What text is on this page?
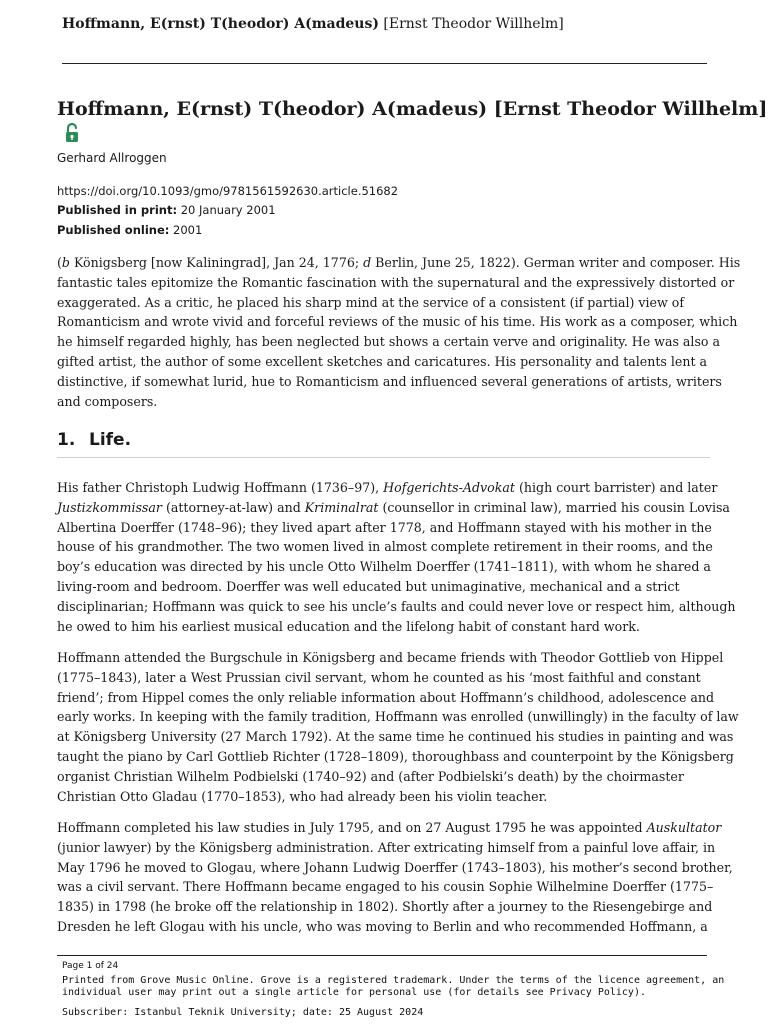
Hoffmann, E(rnst) T(heodor) A(madeus) [Ernst Theodor Willhelm]
Hoffmann, E(rnst) T(heodor) A(madeus) [Ernst Theodor Willhelm]
Gerhard Allroggen
https://doi.org/10.1093/gmo/9781561592630.article.51682
Published in print: 20 January 2001
Published online: 2001
(b Königsberg [now Kaliningrad], Jan 24, 1776; d Berlin, June 25, 1822). German writer and composer. His
fantastic tales epitomize the Romantic fascination with the supernatural and the expressively distorted or
exaggerated. As a critic, he placed his sharp mind at the service of a consistent (if partial) view of
Romanticism and wrote vivid and forceful reviews of the music of his time. His work as a composer, which
he himself regarded highly, has been neglected but shows a certain verve and originality. He was also a
gifted artist, the author of some excellent sketches and caricatures. His personality and talents lent a
distinctive, if somewhat lurid, hue to Romanticism and influenced several generations of artists, writers
and composers.
1. Life.
His father Christoph Ludwig Hoffmann (1736–97), Hofgerichts-Advokat (high court barrister) and later
Justizkommissar (attorney-at-law) and Kriminalrat (counsellor in criminal law), married his cousin Lovisa
Albertina Doerffer (1748–96); they lived apart after 1778, and Hoffmann stayed with his mother in the
house of his grandmother. The two women lived in almost complete retirement in their rooms, and the
boy’s education was directed by his uncle Otto Wilhelm Doerffer (1741–1811), with whom he shared a
living-room and bedroom. Doerffer was well educated but unimaginative, mechanical and a strict
disciplinarian; Hoffmann was quick to see his uncle’s faults and could never love or respect him, although
he owed to him his earliest musical education and the lifelong habit of constant hard work.
Hoffmann attended the Burgschule in Königsberg and became friends with Theodor Gottlieb von Hippel
(1775–1843), later a West Prussian civil servant, whom he counted as his ‘most faithful and constant
friend’; from Hippel comes the only reliable information about Hoffmann’s childhood, adolescence and
early works. In keeping with the family tradition, Hoffmann was enrolled (unwillingly) in the faculty of law
at Königsberg University (27 March 1792). At the same time he continued his studies in painting and was
taught the piano by Carl Gottlieb Richter (1728–1809), thoroughbass and counterpoint by the Königsberg
organist Christian Wilhelm Podbielski (1740–92) and (after Podbielski’s death) by the choirmaster
Christian Otto Gladau (1770–1853), who had already been his violin teacher.
Hoffmann completed his law studies in July 1795, and on 27 August 1795 he was appointed Auskultator
(junior lawyer) by the Königsberg administration. After extricating himself from a painful love affair, in
May 1796 he moved to Glogau, where Johann Ludwig Doerffer (1743–1803), his mother’s second brother,
was a civil servant. There Hoffmann became engaged to his cousin Sophie Wilhelmine Doerffer (1775–
1835) in 1798 (he broke off the relationship in 1802). Shortly after a journey to the Riesengebirge and
Dresden he left Glogau with his uncle, who was moving to Berlin and who recommended Hoffmann, a
Page 1 of 24
Printed from Grove Music Online. Grove is a registered trademark. Under the terms of the licence agreement, an
individual user may print out a single article for personal use (for details see Privacy Policy).
Subscriber: Istanbul Teknik University; date: 25 August 2024
